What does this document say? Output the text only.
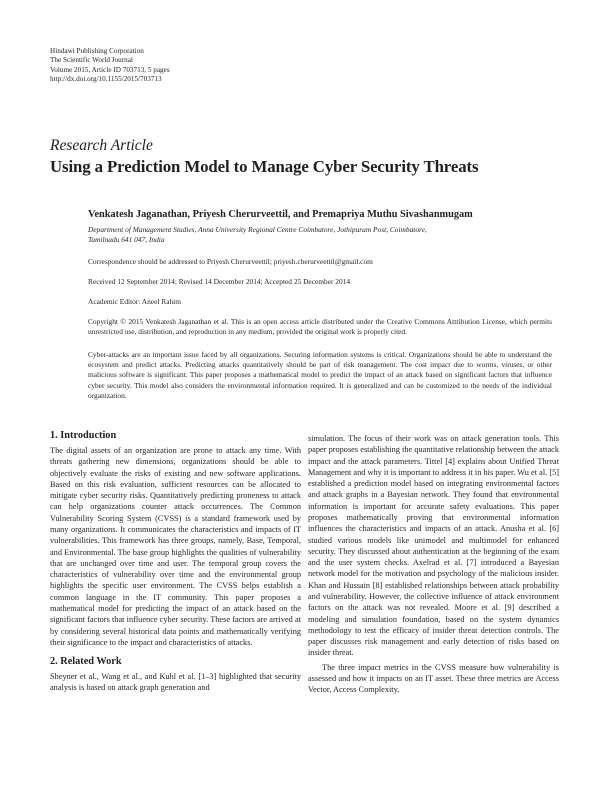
Hindawi Publishing Corporation
The Scientific World Journal
Volume 2015, Article ID 703713, 5 pages
http://dx.doi.org/10.1155/2015/703713
Research Article
Using a Prediction Model to Manage Cyber Security Threats
Venkatesh Jaganathan, Priyesh Cherurveettil, and Premapriya Muthu Sivashanmugam
Department of Management Studies, Anna University Regional Centre Coimbatore, Jothipuram Post, Coimbatore,
Tamilnadu 641 047, India
Correspondence should be addressed to Priyesh Cherurveettil; priyesh.cherurveettil@gmail.com
Received 12 September 2014; Revised 14 December 2014; Accepted 25 December 2014
Academic Editor: Aneel Rahim
Copyright © 2015 Venkatesh Jaganathan et al. This is an open access article distributed under the Creative Commons Attribution License, which permits unrestricted use, distribution, and reproduction in any medium, provided the original work is properly cited.
Cyber-attacks are an important issue faced by all organizations. Securing information systems is critical. Organizations should be able to understand the ecosystem and predict attacks. Predicting attacks quantitatively should be part of risk management. The cost impact due to worms, viruses, or other malicious software is significant. This paper proposes a mathematical model to predict the impact of an attack based on significant factors that influence cyber security. This model also considers the environmental information required. It is generalized and can be customized to the needs of the individual organization.
1. Introduction

The digital assets of an organization are prone to attack any time. With threats gathering new dimensions, organizations should be able to objectively evaluate the risks of existing and new software applications. Based on this risk evaluation, sufficient resources can be allocated to mitigate cyber security risks. Quantitatively predicting proneness to attack can help organizations counter attack occurrences. The Common Vulnerability Scoring System (CVSS) is a standard framework used by many organizations. It communicates the characteristics and impacts of IT vulnerabilities. This framework has three groups, namely, Base, Temporal, and Environmental. The base group highlights the qualities of vulnerability that are unchanged over time and user. The temporal group covers the characteristics of vulnerability over time and the environmental group highlights the specific user environment. The CVSS helps establish a common language in the IT community. This paper proposes a mathematical model for predicting the impact of an attack based on the significant factors that influence cyber security. These factors are arrived at by considering several historical data points and mathematically verifying their significance to the impact and characteristics of attacks.

2. Related Work

Sheyner et al., Wang et al., and Kuhl et al. [1–3] highlighted that security analysis is based on attack graph generation and

simulation. The focus of their work was on attack generation tools. This paper proposes establishing the quantitative relationship between the attack impact and the attack parameters. Tittel [4] explains about Unified Threat Management and why it is important to address it in his paper. Wu et al. [5] established a prediction model based on integrating environmental factors and attack graphs in a Bayesian network. They found that environmental information is important for accurate safety evaluations. This paper proposes mathematically proving that environmental information influences the characteristics and impacts of an attack. Anusha et al. [6] studied various models like unimodel and multimodel for enhanced security. They discussed about authentication at the beginning of the exam and the user system checks. Axelrad et al. [7] introduced a Bayesian network model for the motivation and psychology of the malicious insider. Khan and Hussain [8] established relationships between attack probability and vulnerability. However, the collective influence of attack environment factors on the attack was not revealed. Moore et al. [9] described a modeling and simulation foundation, based on the system dynamics methodology to test the efficacy of insider threat detection controls. The paper discusses risk management and early detection of risks based on insider threat.

The three impact metrics in the CVSS measure how vulnerability is assessed and how it impacts on an IT asset. These three metrics are Access Vector, Access Complexity,
